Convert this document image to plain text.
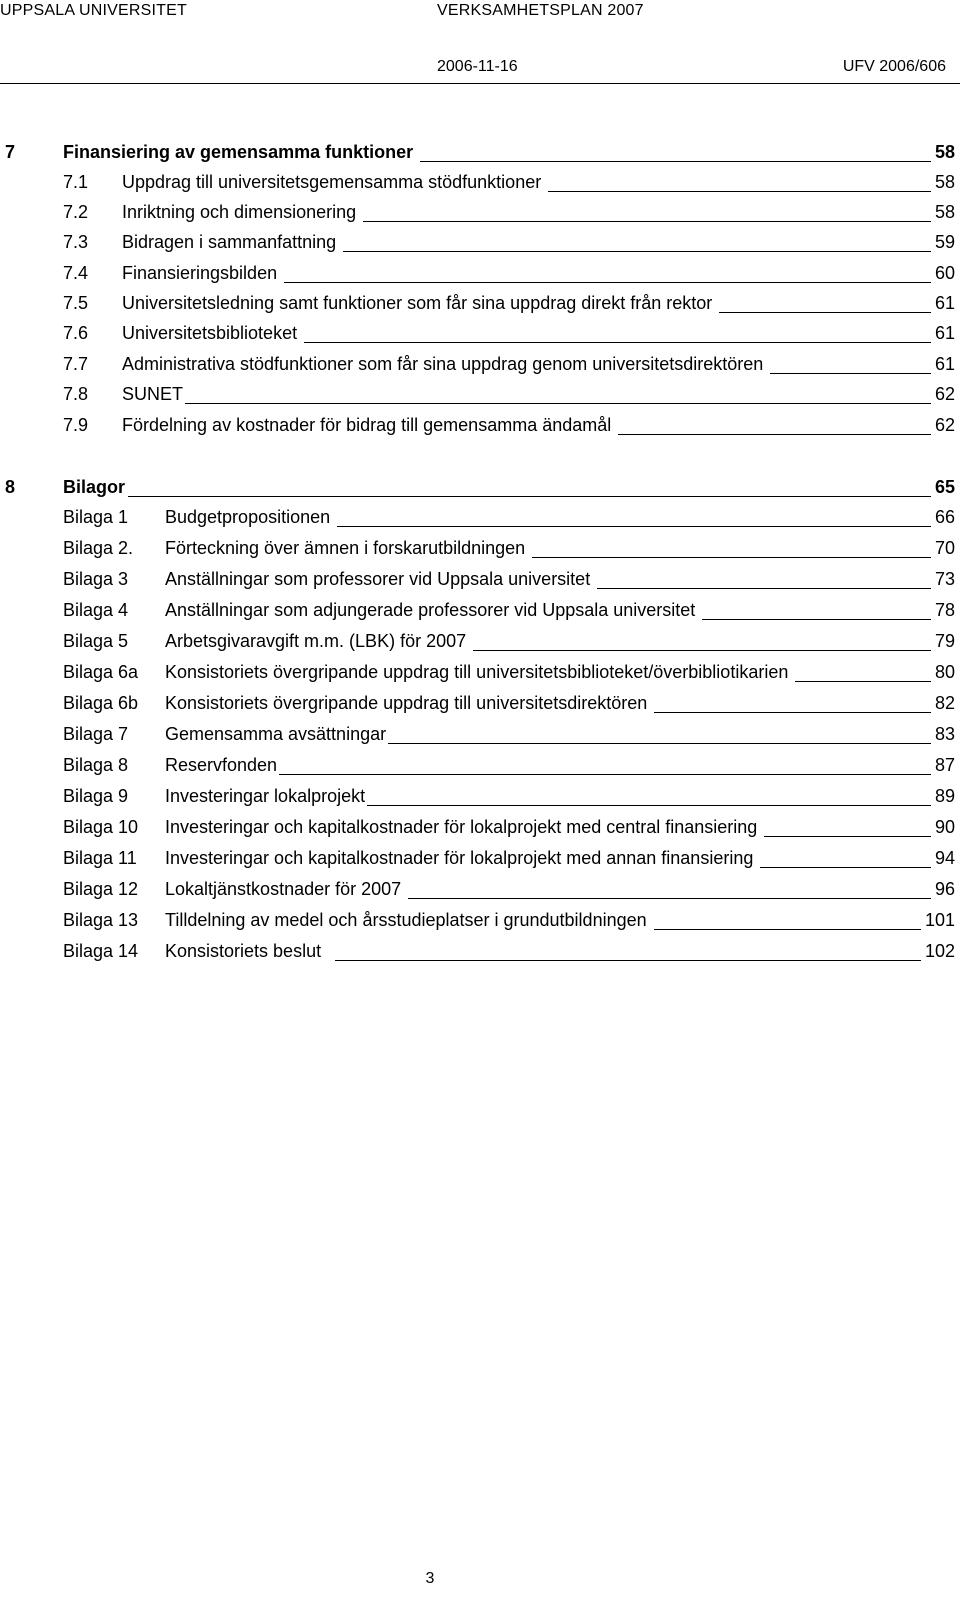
UPPSALA UNIVERSITET	VERKSAMHETSPLAN 2007
2006-11-16	UFV 2006/606
7	Finansiering av gemensamma funktioner	58
7.1 Uppdrag till universitetsgemensamma stödfunktioner	58
7.2 Inriktning och dimensionering	58
7.3 Bidragen i sammanfattning	59
7.4 Finansieringsbilden	60
7.5 Universitetsledning samt funktioner som får sina uppdrag direkt från rektor	61
7.6 Universitetsbiblioteket	61
7.7 Administrativa stödfunktioner som får sina uppdrag genom universitetsdirektören	61
7.8 SUNET	62
7.9 Fördelning av kostnader för bidrag till gemensamma ändamål	62
8	Bilagor	65
Bilaga 1 Budgetpropositionen	66
Bilaga 2. Förteckning över ämnen i forskarutbildningen	70
Bilaga 3 Anställningar som professorer vid Uppsala universitet	73
Bilaga 4 Anställningar som adjungerade professorer vid Uppsala universitet	78
Bilaga 5 Arbetsgivaravgift m.m. (LBK) för 2007	79
Bilaga 6a Konsistoriets övergripande uppdrag till universitetsbiblioteket/överbibliotikarien	80
Bilaga 6b Konsistoriets övergripande uppdrag till universitetsdirektören	82
Bilaga 7 Gemensamma avsättningar	83
Bilaga 8 Reservfonden	87
Bilaga 9 Investeringar lokalprojekt	89
Bilaga 10 Investeringar och kapitalkostnader för lokalprojekt med central finansiering	90
Bilaga 11 Investeringar och kapitalkostnader för lokalprojekt med annan finansiering	94
Bilaga 12 Lokaltjänstkostnader för 2007	96
Bilaga 13 Tilldelning av medel och årsstudieplatser i grundutbildningen	101
Bilaga 14 Konsistoriets beslut	102
3
